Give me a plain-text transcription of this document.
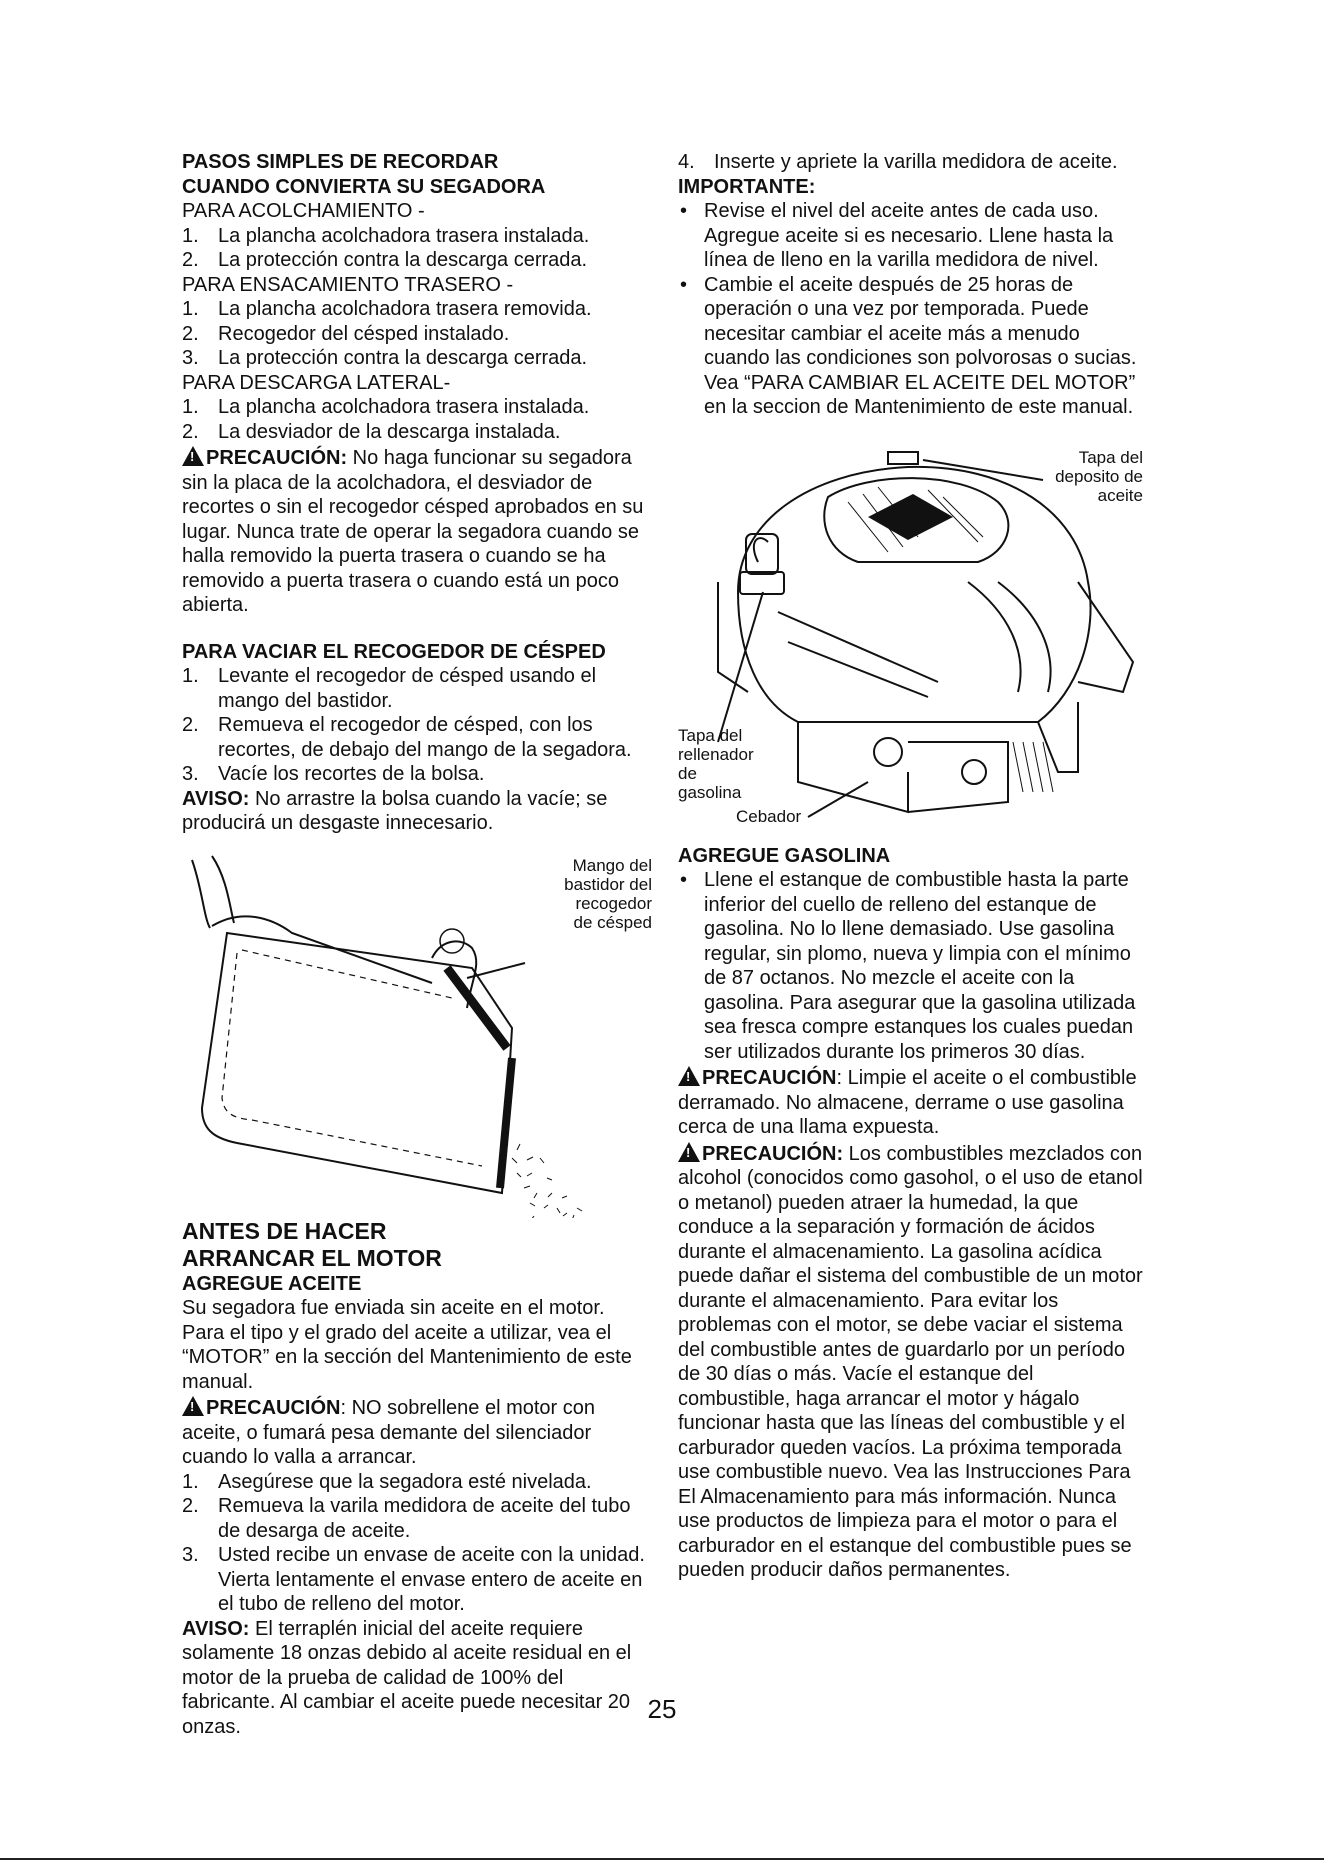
PASOS SIMPLES DE RECORDAR
CUANDO CONVIERTA SU SEGADORA
PARA ACOLCHAMIENTO -
1. La plancha acolchadora trasera instalada.
2. La protección contra la descarga cerrada.
PARA ENSACAMIENTO TRASERO -
1. La plancha acolchadora trasera removida.
2. Recogedor del césped instalado.
3. La protección contra la descarga cerrada.
PARA DESCARGA LATERAL-
1. La plancha acolchadora trasera instalada.
2. La desviador de la descarga instalada.

!PRECAUCIÓN: No haga funcionar su segadora sin la placa de la acolchadora, el desviador de recortes o sin el recogedor césped aprobados en su lugar. Nunca trate de operar la segadora cuando se halla removido la puerta trasera o cuando se ha removido a puerta trasera o cuando está un poco abierta.

PARA VACIAR EL RECOGEDOR DE CÉSPED
1. Levante el recogedor de césped usando el mango del bastidor.
2. Remueva el recogedor de césped, con los recortes, de debajo del mango de la segadora.
3. Vacíe los recortes de la bolsa.

AVISO: No arrastre la bolsa cuando la vacíe; se producirá un desgaste innecesario.

Mango del
bastidor del
recogedor
de césped
ANTES DE HACER
ARRANCAR EL MOTOR
AGREGUE ACEITE

Su segadora fue enviada sin aceite en el motor. Para el tipo y el grado del aceite a utilizar, vea el “MOTOR” en la sección del Mantenimiento de este manual.

!PRECAUCIÓN: NO sobrellene el motor con aceite, o fumará pesa demante del silenciador cuando lo valla a arrancar.

1. Asegúrese que la segadora esté nivelada.
2. Remueva la varila medidora de aceite del tubo de desarga de aceite.
3. Usted recibe un envase de aceite con la unidad. Vierta lentamente el envase entero de aceite en el tubo de relleno del motor.

AVISO: El terraplén inicial del aceite requiere solamente 18 onzas debido al aceite residual en el motor de la prueba de calidad de 100% del fabricante. Al cambiar el aceite puede necesitar 20 onzas.

4. Inserte y apriete la varilla medidora de aceite.
IMPORTANTE:
• Revise el nivel del aceite antes de cada uso. Agregue aceite si es necesario. Llene hasta la línea de lleno en la varilla medidora de nivel.
• Cambie el aceite después de 25 horas de operación o una vez por temporada. Puede necesitar cambiar el aceite más a menudo cuando las condiciones son polvorosas o sucias. Vea “PARA CAMBIAR EL ACEITE DEL MOTOR” en la seccion de Mantenimiento de este manual.
Tapa del
deposito de
aceite
Tapa del
rellenador
de
gasolina
Cebador
AGREGUE GASOLINA
• Llene el estanque de combustible hasta la parte inferior del cuello de relleno del estanque de gasolina. No lo llene demasiado. Use gasolina regular, sin plomo, nueva y limpia con el mínimo de 87 octanos. No mezcle el aceite con la gasolina. Para asegurar que la gasolina utilizada sea fresca compre estanques los cuales puedan ser utilizados durante los primeros 30 días.

!PRECAUCIÓN: Limpie el aceite o el combustible derramado. No almacene, derrame o use gasolina cerca de una llama expuesta.

!PRECAUCIÓN: Los combustibles mezclados con alcohol (conocidos como gasohol, o el uso de etanol o metanol) pueden atraer la humedad, la que conduce a la separación y formación de ácidos durante el almacenamiento. La gasolina acídica puede dañar el sistema del combustible de un motor durante el almacenamiento. Para evitar los problemas con el motor, se debe vaciar el sistema del combustible antes de guardarlo por un período de 30 días o más. Vacíe el estanque del combustible, haga arrancar el motor y hágalo funcionar hasta que las líneas del combustible y el carburador queden vacíos. La próxima temporada use combustible nuevo. Vea las Instrucciones Para El Almacenamiento para más información. Nunca use productos de limpieza para el motor o para el carburador en el estanque del combustible pues se pueden producir daños permanentes.

25
